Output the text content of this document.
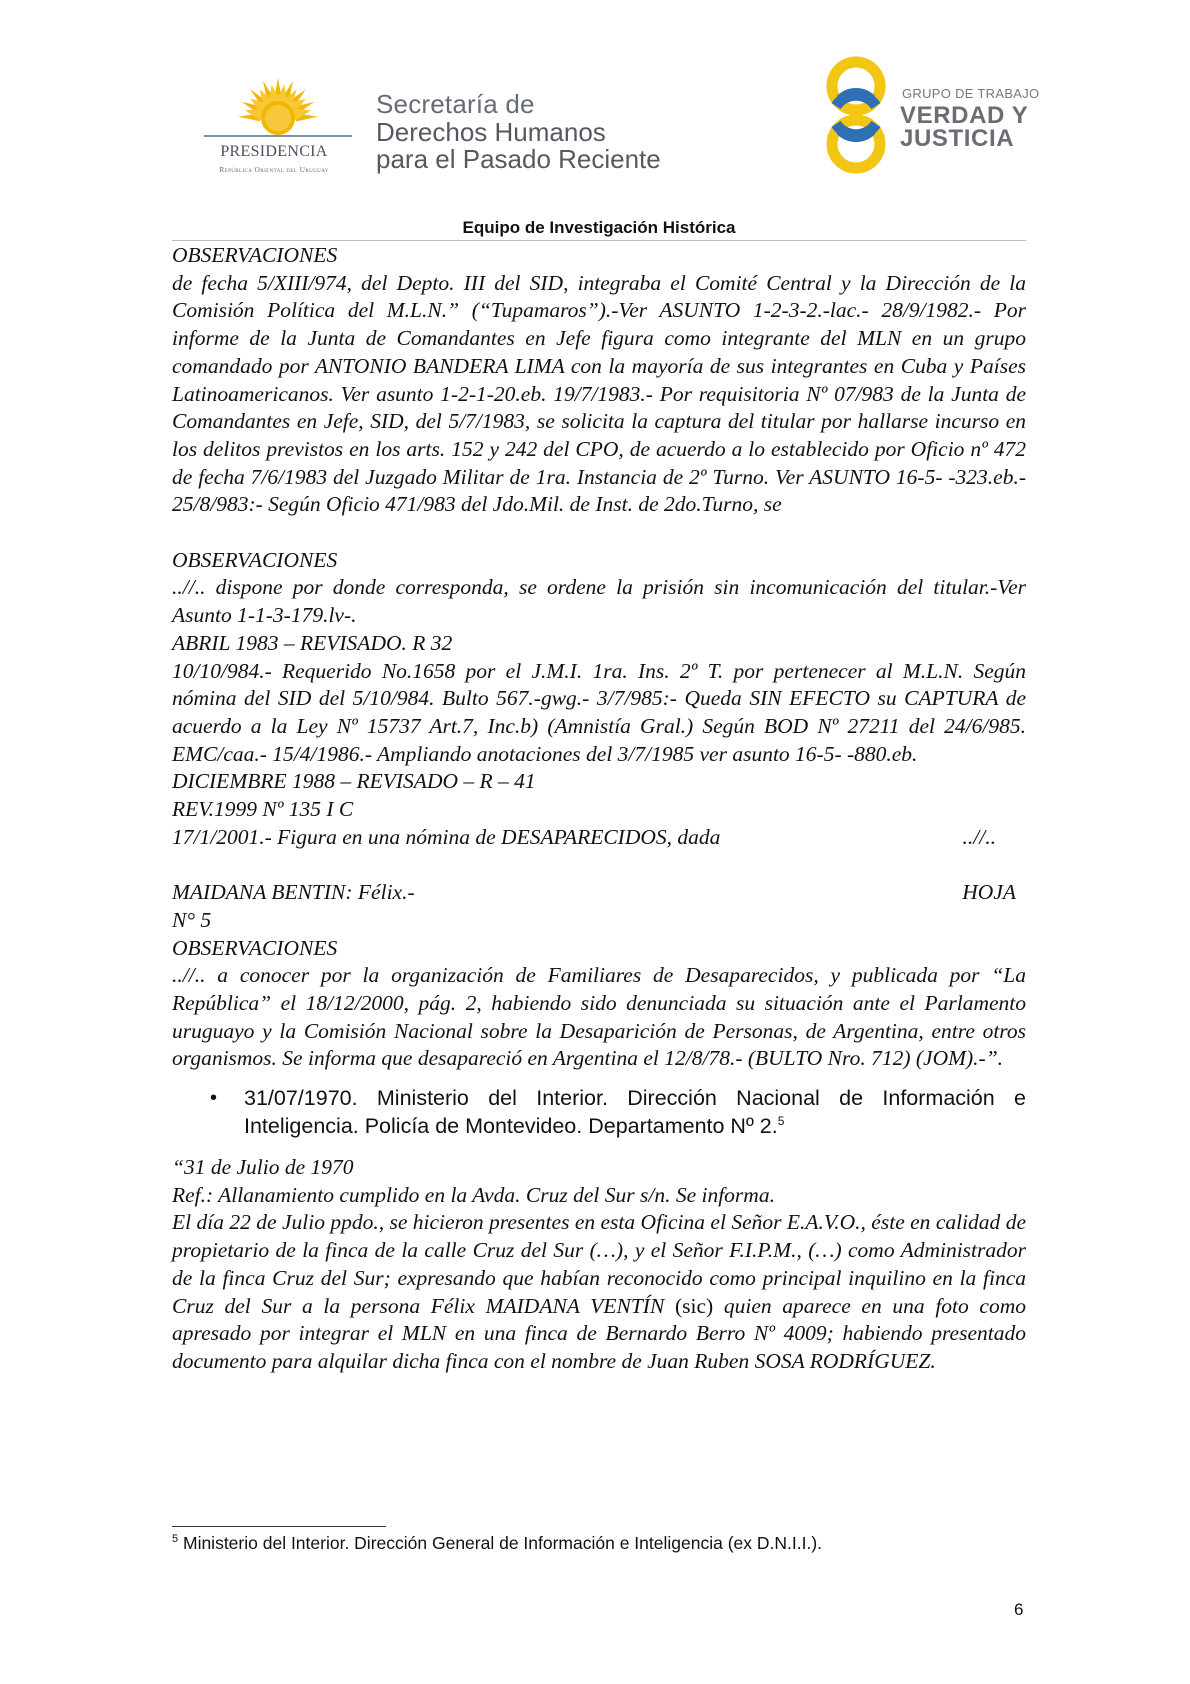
PRESIDENCIA
República Oriental del Uruguay
Secretaría de
Derechos Humanos
para el Pasado Reciente
GRUPO DE TRABAJO
VERDAD Y
JUSTICIA
Equipo de Investigación Histórica

OBSERVACIONES

de fecha 5/XIII/974, del Depto. III del SID, integraba el Comité Central y la Dirección de la Comisión Política del M.L.N.” (“Tupamaros”).-Ver ASUNTO 1-2-3-2.-lac.- 28/9/1982.- Por informe de la Junta de Comandantes en Jefe figura como integrante del MLN en un grupo comandado por ANTONIO BANDERA LIMA con la mayoría de sus integrantes en Cuba y Países Latinoamericanos. Ver asunto 1-2-1-20.eb. 19/7/1983.- Por requisitoria Nº 07/983 de la Junta de Comandantes en Jefe, SID, del 5/7/1983, se solicita la captura del titular por hallarse incurso en los delitos previstos en los arts. 152 y 242 del CPO, de acuerdo a lo establecido por Oficio nº 472 de fecha 7/6/1983 del Juzgado Militar de 1ra. Instancia de 2º Turno. Ver ASUNTO 16-5- -323.eb.- 25/8/983:- Según Oficio 471/983 del Jdo.Mil. de Inst. de 2do.Turno, se

OBSERVACIONES

..//.. dispone por donde corresponda, se ordene la prisión sin incomunicación del titular.-Ver Asunto 1-1-3-179.lv-.

ABRIL 1983 – REVISADO. R 32

10/10/984.- Requerido No.1658 por el J.M.I. 1ra. Ins. 2º T. por pertenecer al M.L.N. Según nómina del SID del 5/10/984. Bulto 567.-gwg.- 3/7/985:- Queda SIN EFECTO su CAPTURA de acuerdo a la Ley Nº 15737 Art.7, Inc.b) (Amnistía Gral.) Según BOD Nº 27211 del 24/6/985. EMC/caa.- 15/4/1986.- Ampliando anotaciones del 3/7/1985 ver asunto 16-5- -880.eb.

DICIEMBRE 1988 – REVISADO – R – 41

REV.1999 Nº 135 I C

17/1/2001.- Figura en una nómina de DESAPARECIDOS, dada	..//..
MAIDANA BENTIN: Félix.-	HOJA

N° 5

OBSERVACIONES

..//.. a conocer por la organización de Familiares de Desaparecidos, y publicada por “La República” el 18/12/2000, pág. 2, habiendo sido denunciada su situación ante el Parlamento uruguayo y la Comisión Nacional sobre la Desaparición de Personas, de Argentina, entre otros organismos. Se informa que desapareció en Argentina el 12/8/78.- (BULTO Nro. 712) (JOM).-”.

• 31/07/1970. Ministerio del Interior. Dirección Nacional de Información e Inteligencia. Policía de Montevideo. Departamento Nº 2.$^5$

“31 de Julio de 1970

Ref.: Allanamiento cumplido en la Avda. Cruz del Sur s/n. Se informa.

El día 22 de Julio ppdo., se hicieron presentes en esta Oficina el Señor E.A.V.O., éste en calidad de propietario de la finca de la calle Cruz del Sur (…), y el Señor F.I.P.M., (…) como Administrador de la finca Cruz del Sur; expresando que habían reconocido como principal inquilino en la finca Cruz del Sur a la persona Félix MAIDANA VENTÍN (sic) quien aparece en una foto como apresado por integrar el MLN en una finca de Bernardo Berro Nº 4009; habiendo presentado documento para alquilar dicha finca con el nombre de Juan Ruben SOSA RODRÍGUEZ.

$^5$ Ministerio del Interior. Dirección General de Información e Inteligencia (ex D.N.I.I.).
6
